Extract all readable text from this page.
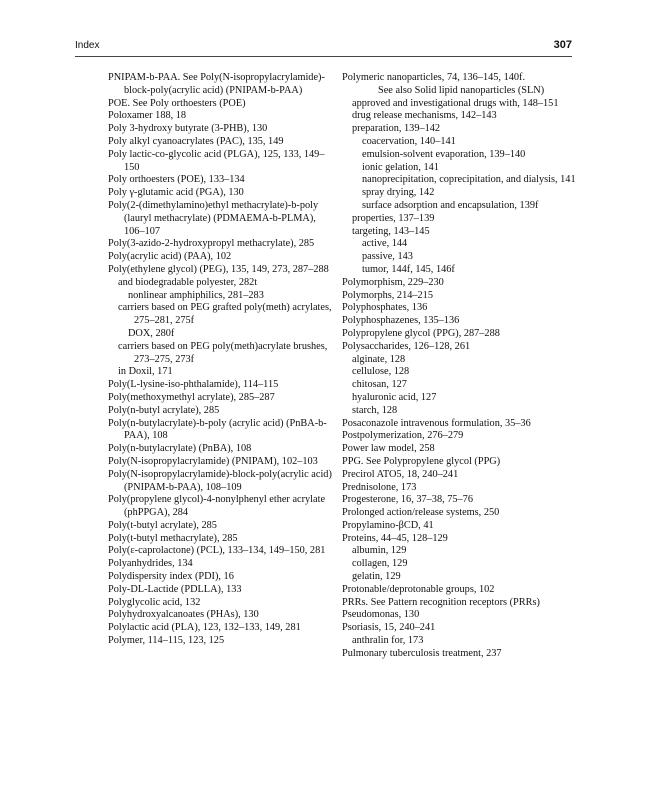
Index	307

PNIPAM-b-PAA. See Poly(N-isopropylacrylamide)-block-poly(acrylic acid) (PNIPAM-b-PAA)

POE. See Poly orthoesters (POE)

Poloxamer 188, 18

Poly 3-hydroxy butyrate (3-PHB), 130

Poly alkyl cyanoacrylates (PAC), 135, 149

Poly lactic-co-glycolic acid (PLGA), 125, 133, 149–150

Poly orthoesters (POE), 133–134

Poly γ-glutamic acid (PGA), 130

Poly(2-(dimethylamino)ethyl methacrylate)-b-poly (lauryl methacrylate) (PDMAEMA-b-PLMA), 106–107

Poly(3-azido-2-hydroxypropyl methacrylate), 285

Poly(acrylic acid) (PAA), 102

Poly(ethylene glycol) (PEG), 135, 149, 273, 287–288

and biodegradable polyester, 282t

nonlinear amphiphilics, 281–283

carriers based on PEG grafted poly(meth) acrylates, 275–281, 275f

DOX, 280f

carriers based on PEG poly(meth)acrylate brushes, 273–275, 273f

in Doxil, 171

Poly(L-lysine-iso-phthalamide), 114–115

Poly(methoxymethyl acrylate), 285–287

Poly(n-butyl acrylate), 285

Poly(n-butylacrylate)-b-poly (acrylic acid) (PnBA-b-PAA), 108

Poly(n-butylacrylate) (PnBA), 108

Poly(N-isopropylacrylamide) (PNIPAM), 102–103

Poly(N-isopropylacrylamide)-block-poly(acrylic acid) (PNIPAM-b-PAA), 108–109

Poly(propylene glycol)-4-nonylphenyl ether acrylate (phPPGA), 284

Poly(t-butyl acrylate), 285

Poly(t-butyl methacrylate), 285

Poly(ε-caprolactone) (PCL), 133–134, 149–150, 281

Polyanhydrides, 134

Polydispersity index (PDI), 16

Poly-DL-Lactide (PDLLA), 133

Polyglycolic acid, 132

Polyhydroxyalcanoates (PHAs), 130

Polylactic acid (PLA), 123, 132–133, 149, 281

Polymer, 114–115, 123, 125

Polymeric nanoparticles, 74, 136–145, 140f.

See also Solid lipid nanoparticles (SLN)

approved and investigational drugs with, 148–151

drug release mechanisms, 142–143

preparation, 139–142

coacervation, 140–141

emulsion-solvent evaporation, 139–140

ionic gelation, 141

nanoprecipitation, coprecipitation, and dialysis, 141

spray drying, 142

surface adsorption and encapsulation, 139f

properties, 137–139

targeting, 143–145

active, 144

passive, 143

tumor, 144f, 145, 146f

Polymorphism, 229–230

Polymorphs, 214–215

Polyphosphates, 136

Polyphosphazenes, 135–136

Polypropylene glycol (PPG), 287–288

Polysaccharides, 126–128, 261

alginate, 128

cellulose, 128

chitosan, 127

hyaluronic acid, 127

starch, 128

Posaconazole intravenous formulation, 35–36

Postpolymerization, 276–279

Power law model, 258

PPG. See Polypropylene glycol (PPG)

Precirol ATO5, 18, 240–241

Prednisolone, 173

Progesterone, 16, 37–38, 75–76

Prolonged action/release systems, 250

Propylamino-βCD, 41

Proteins, 44–45, 128–129

albumin, 129

collagen, 129

gelatin, 129

Protonable/deprotonable groups, 102

PRRs. See Pattern recognition receptors (PRRs)

Pseudomonas, 130

Psoriasis, 15, 240–241

anthralin for, 173

Pulmonary tuberculosis treatment, 237
